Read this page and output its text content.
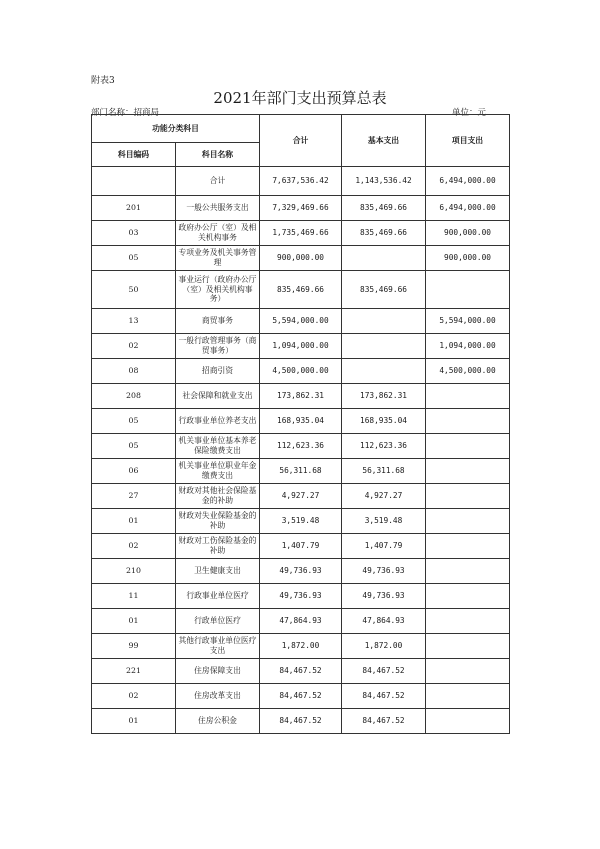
附表3
2021年部门支出预算总表
部门名称：招商局	单位：元
功能分类科目		合计	基本支出	项目支出
科目编码	科目名称			
	合计	7,637,536.42	1,143,536.42	6,494,000.00
201	一般公共服务支出	7,329,469.66	835,469.66	6,494,000.00
03	政府办公厅（室）及相关机构事务	1,735,469.66	835,469.66	900,000.00
05	专项业务及机关事务管理	900,000.00		900,000.00
50	事业运行（政府办公厅（室）及相关机构事务）	835,469.66	835,469.66	
13	商贸事务	5,594,000.00		5,594,000.00
02	一般行政管理事务（商贸事务）	1,094,000.00		1,094,000.00
08	招商引资	4,500,000.00		4,500,000.00
208	社会保障和就业支出	173,862.31	173,862.31	
05	行政事业单位养老支出	168,935.04	168,935.04	
05	机关事业单位基本养老保险缴费支出	112,623.36	112,623.36	
06	机关事业单位职业年金缴费支出	56,311.68	56,311.68	
27	财政对其他社会保险基金的补助	4,927.27	4,927.27	
01	财政对失业保险基金的补助	3,519.48	3,519.48	
02	财政对工伤保险基金的补助	1,407.79	1,407.79	
210	卫生健康支出	49,736.93	49,736.93	
11	行政事业单位医疗	49,736.93	49,736.93	
01	行政单位医疗	47,864.93	47,864.93	
99	其他行政事业单位医疗支出	1,872.00	1,872.00	
221	住房保障支出	84,467.52	84,467.52	
02	住房改革支出	84,467.52	84,467.52	
01	住房公积金	84,467.52	84,467.52	
